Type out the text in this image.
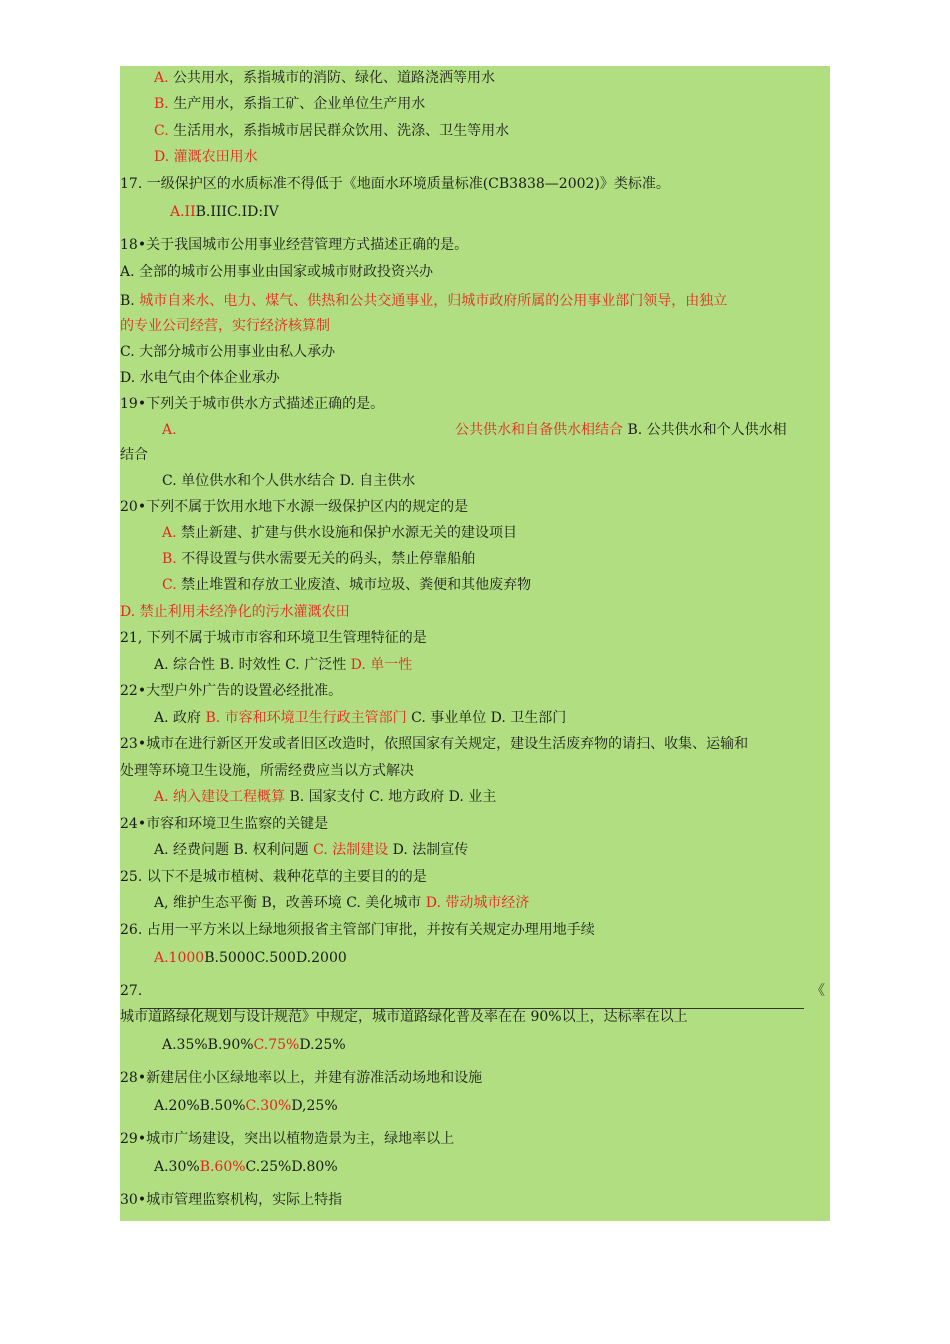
A. 公共用水，系指城市的消防、绿化、道路浇洒等用水
B. 生产用水，系指工矿、企业单位生产用水
C. 生活用水，系指城市居民群众饮用、洗涤、卫生等用水
D. 灌溉农田用水
17. 一级保护区的水质标准不得低于《地面水环境质量标准(CB3838—2002)》类标准。
A.IIB.IIIC.ID:IV
18•关于我国城市公用事业经营管理方式描述正确的是。
A. 全部的城市公用事业由国家或城市财政投资兴办
B. 城市自来水、电力、煤气、供热和公共交通事业，归城市政府所属的公用事业部门领导，由独立
的专业公司经营，实行经济核算制
C. 大部分城市公用事业由私人承办
D. 水电气由个体企业承办
19•下列关于城市供水方式描述正确的是。
A.	公共供水和自备供水相结合 B. 公共供水和个人供水相
结合
C. 单位供水和个人供水结合 D. 自主供水
20•下列不属于饮用水地下水源一级保护区内的规定的是
A. 禁止新建、扩建与供水设施和保护水源无关的建设项目
B. 不得设置与供水需要无关的码头，禁止停靠船舶
C. 禁止堆置和存放工业废渣、城市垃圾、粪便和其他废弃物
D. 禁止利用未经净化的污水灌溉农田
21, 下列不属于城市市容和环境卫生管理特征的是
A. 综合性 B. 时效性 C. 广泛性 D. 单一性
22•大型户外广告的设置必经批准。
A. 政府 B. 市容和环境卫生行政主管部门 C. 事业单位 D. 卫生部门
23•城市在进行新区开发或者旧区改造时，依照国家有关规定，建设生活废弃物的请扫、收集、运输和
处理等环境卫生设施，所需经费应当以方式解决
A. 纳入建设工程概算 B. 国家支付 C. 地方政府 D. 业主
24•市容和环境卫生监察的关键是
A. 经费问题 B. 权利问题 C. 法制建设 D. 法制宣传
25. 以下不是城市植树、栽种花草的主要目的的是
A, 维护生态平衡 B，改善环境 C. 美化城市 D. 带动城市经济
26. 占用一平方米以上绿地须报省主管部门审批，并按有关规定办理用地手续
A.1000B.5000C.500D.2000
27.	《
城市道路绿化规划与设计规范》中规定，城市道路绿化普及率在在 90%以上，达标率在以上
A.35%B.90%C.75%D.25%
28•新建居住小区绿地率以上，并建有游准活动场地和设施
A.20%B.50%C.30%D,25%
29•城市广场建设，突出以植物造景为主，绿地率以上
A.30%B.60%C.25%D.80%
30•城市管理监察机构，实际上特指
